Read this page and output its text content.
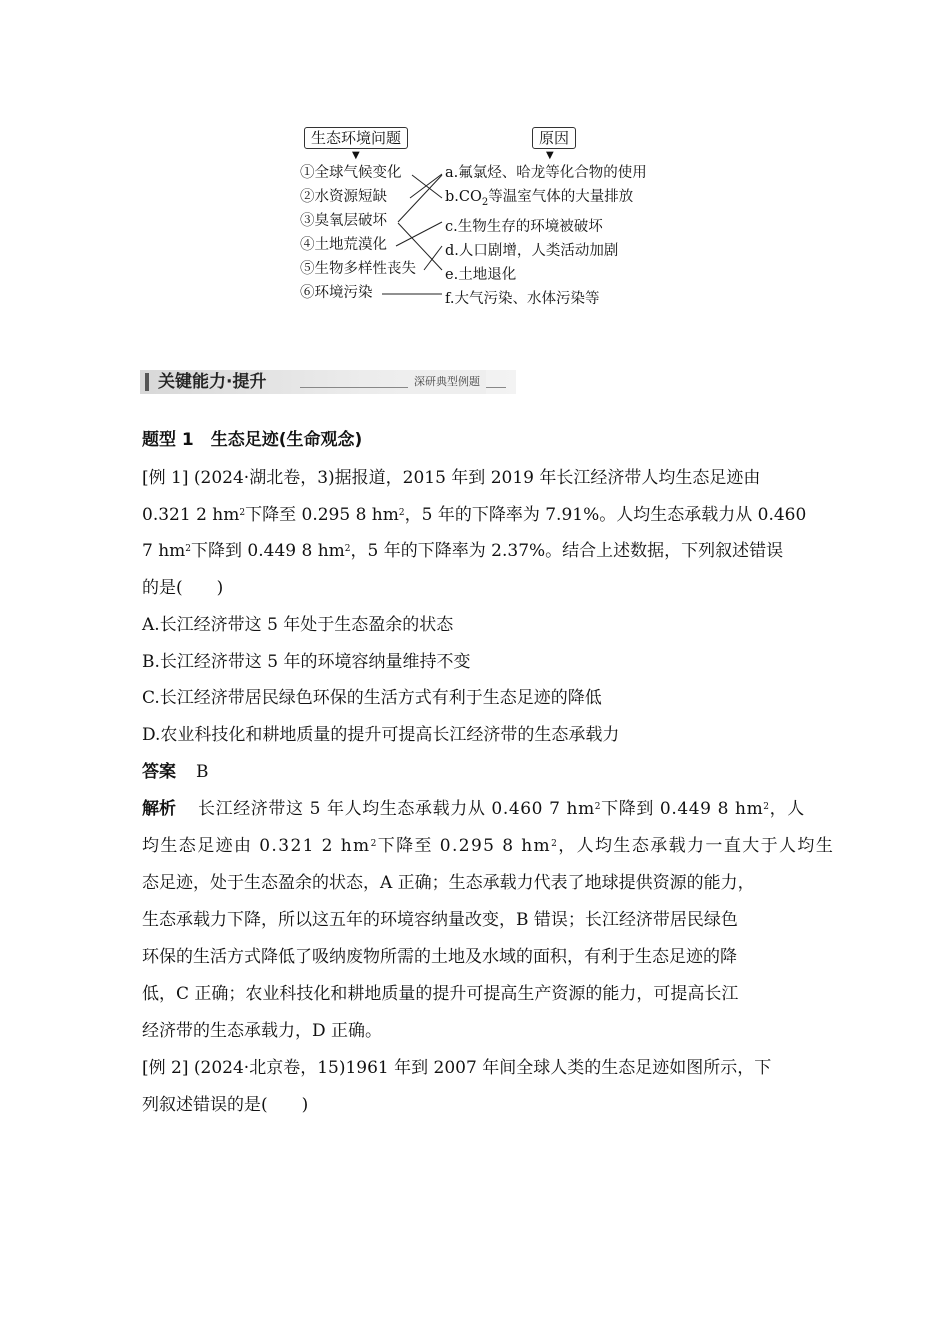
生态环境问题
▼
原因
▼
①全球气候变化
②水资源短缺
③臭氧层破坏
④土地荒漠化
⑤生物多样性丧失
⑥环境污染
a.氟氯烃、哈龙等化合物的使用
$b.CO_2$等温室气体的大量排放
c.生物生存的环境被破坏
d.人口剧增，人类活动加剧
e.土地退化
f.大气污染、水体污染等
关键能力·提升	深研典型例题
题型 1　生态足迹(生命观念)
[例 1] (2024·湖北卷，3)据报道，2015 年到 2019 年长江经济带人均生态足迹由
0.321 2 $hm^2$下降至 0.295 8 $hm^2$，5 年的下降率为 7.91%。人均生态承载力从 0.460
7 $hm^2$下降到 0.449 8 $hm^2$，5 年的下降率为 2.37%。结合上述数据，下列叙述错误
的是(　　)
A.长江经济带这 5 年处于生态盈余的状态
B.长江经济带这 5 年的环境容纳量维持不变
C.长江经济带居民绿色环保的生活方式有利于生态足迹的降低
D.农业科技化和耕地质量的提升可提高长江经济带的生态承载力
答案 B
解析 长江经济带这 5 年人均生态承载力从 0.460 7 $hm^2$下降到 0.449 8 $hm^2$，人
均生态足迹由 0.321 2 $hm^2$下降至 0.295 8 $hm^2$，人均生态承载力一直大于人均生
态足迹，处于生态盈余的状态，A 正确；生态承载力代表了地球提供资源的能力，
生态承载力下降，所以这五年的环境容纳量改变，B 错误；长江经济带居民绿色
环保的生活方式降低了吸纳废物所需的土地及水域的面积，有利于生态足迹的降
低，C 正确；农业科技化和耕地质量的提升可提高生产资源的能力，可提高长江
经济带的生态承载力，D 正确。
[例 2] (2024·北京卷，15)1961 年到 2007 年间全球人类的生态足迹如图所示，下
列叙述错误的是(　　)
